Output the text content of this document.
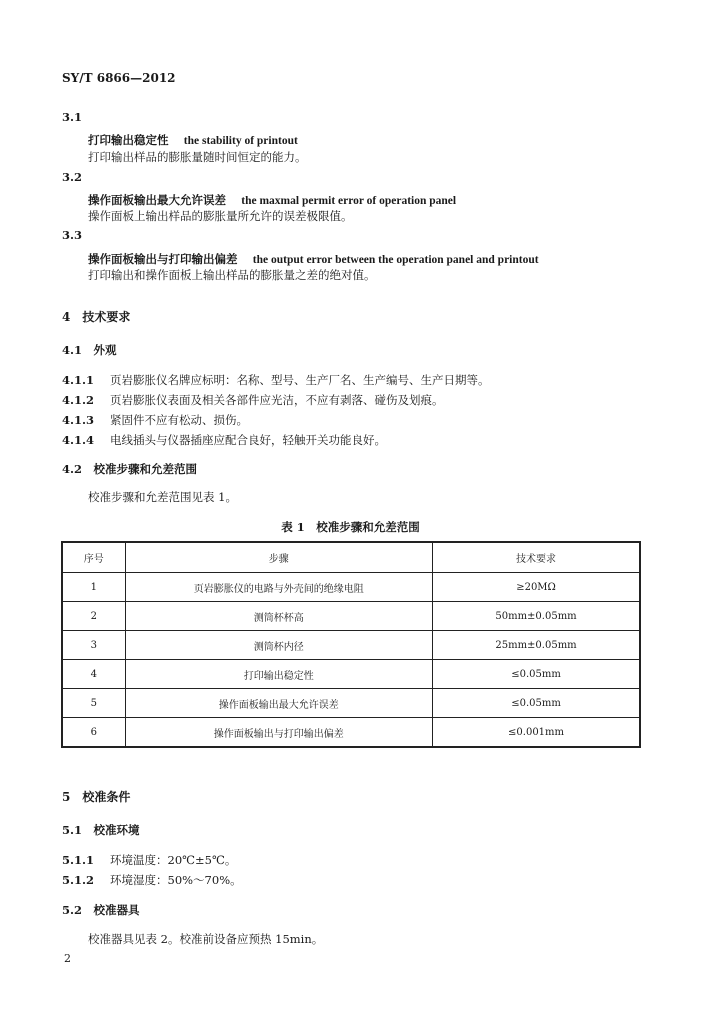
SY/T 6866—2012
3.1
打印输出稳定性 the stability of printout
打印输出样品的膨胀量随时间恒定的能力。
3.2
操作面板输出最大允许误差 the maxmal permit error of operation panel
操作面板上输出样品的膨胀量所允许的误差极限值。
3.3
操作面板输出与打印输出偏差 the output error between the operation panel and printout
打印输出和操作面板上输出样品的膨胀量之差的绝对值。
4　技术要求
4.1　外观
4.1.1 页岩膨胀仪名牌应标明：名称、型号、生产厂名、生产编号、生产日期等。
4.1.2 页岩膨胀仪表面及相关各部件应光洁，不应有剥落、碰伤及划痕。
4.1.3 紧固件不应有松动、损伤。
4.1.4 电线插头与仪器插座应配合良好，轻触开关功能良好。
4.2　校准步骤和允差范围
校准步骤和允差范围见表 1。
表 1　校准步骤和允差范围
序号	步骤	技术要求
1	页岩膨胀仪的电路与外壳间的绝缘电阻	≥20MΩ
2	测筒杯杯高	50mm±0.05mm
3	测筒杯内径	25mm±0.05mm
4	打印输出稳定性	≤0.05mm
5	操作面板输出最大允许误差	≤0.05mm
6	操作面板输出与打印输出偏差	≤0.001mm
5　校准条件
5.1　校准环境
5.1.1 环境温度：20℃±5℃。
5.1.2 环境湿度：50%～70%。
5.2　校准器具
校准器具见表 2。校准前设备应预热 15min。
2
